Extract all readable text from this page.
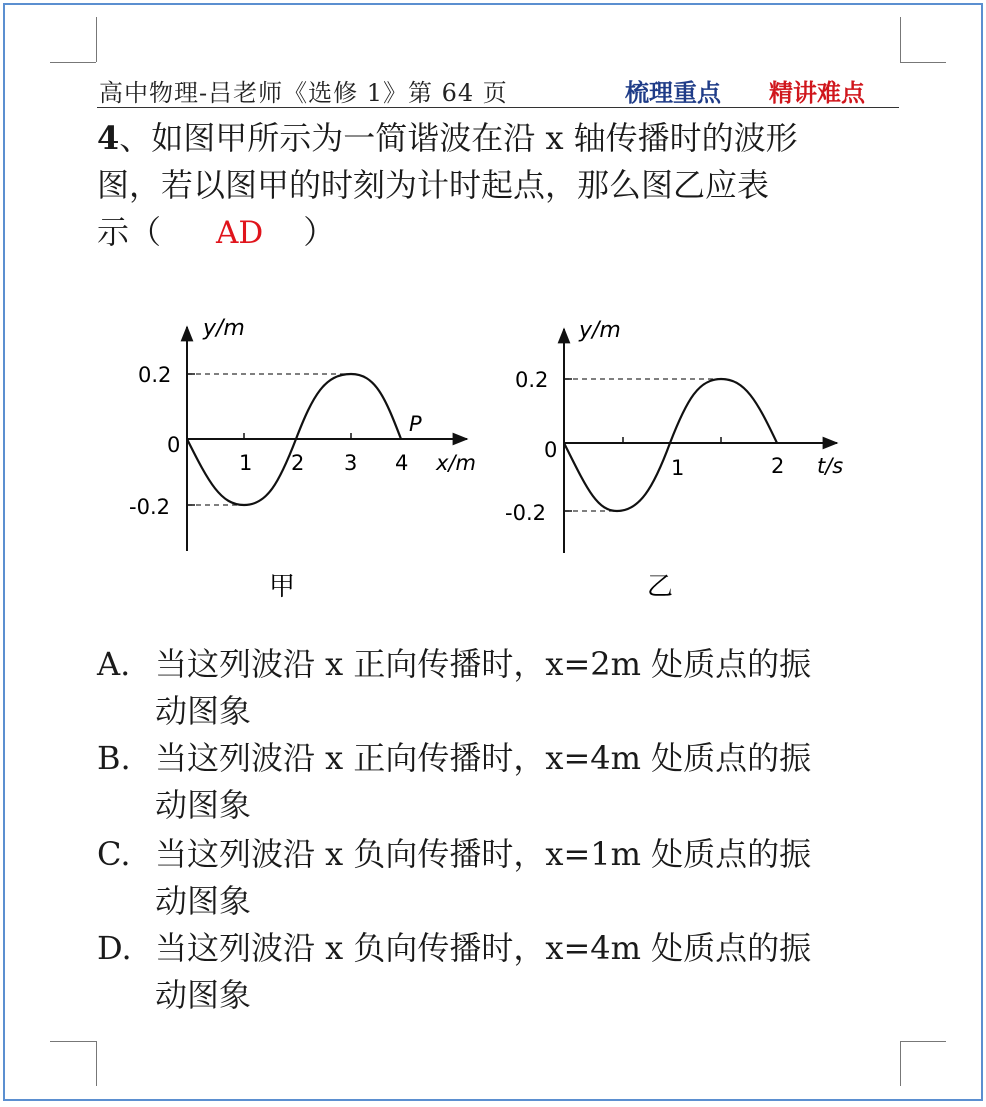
高中物理-吕老师《选修 1》第 64 页	梳理重点 精讲难点
4、如图甲所示为一简谐波在沿 x 轴传播时的波形
图，若以图甲的时刻为计时起点，那么图乙应表
示（ AD ）
y/m
0.2
0
-0.2
1 2 3 4 x/m
P
甲
y/m
0.2
0
-0.2
1	2 t/s
乙
A. 当这列波沿 x 正向传播时，x=2m 处质点的振
动图象
B. 当这列波沿 x 正向传播时，x=4m 处质点的振
动图象
C. 当这列波沿 x 负向传播时，x=1m 处质点的振
动图象
D. 当这列波沿 x 负向传播时，x=4m 处质点的振
动图象
